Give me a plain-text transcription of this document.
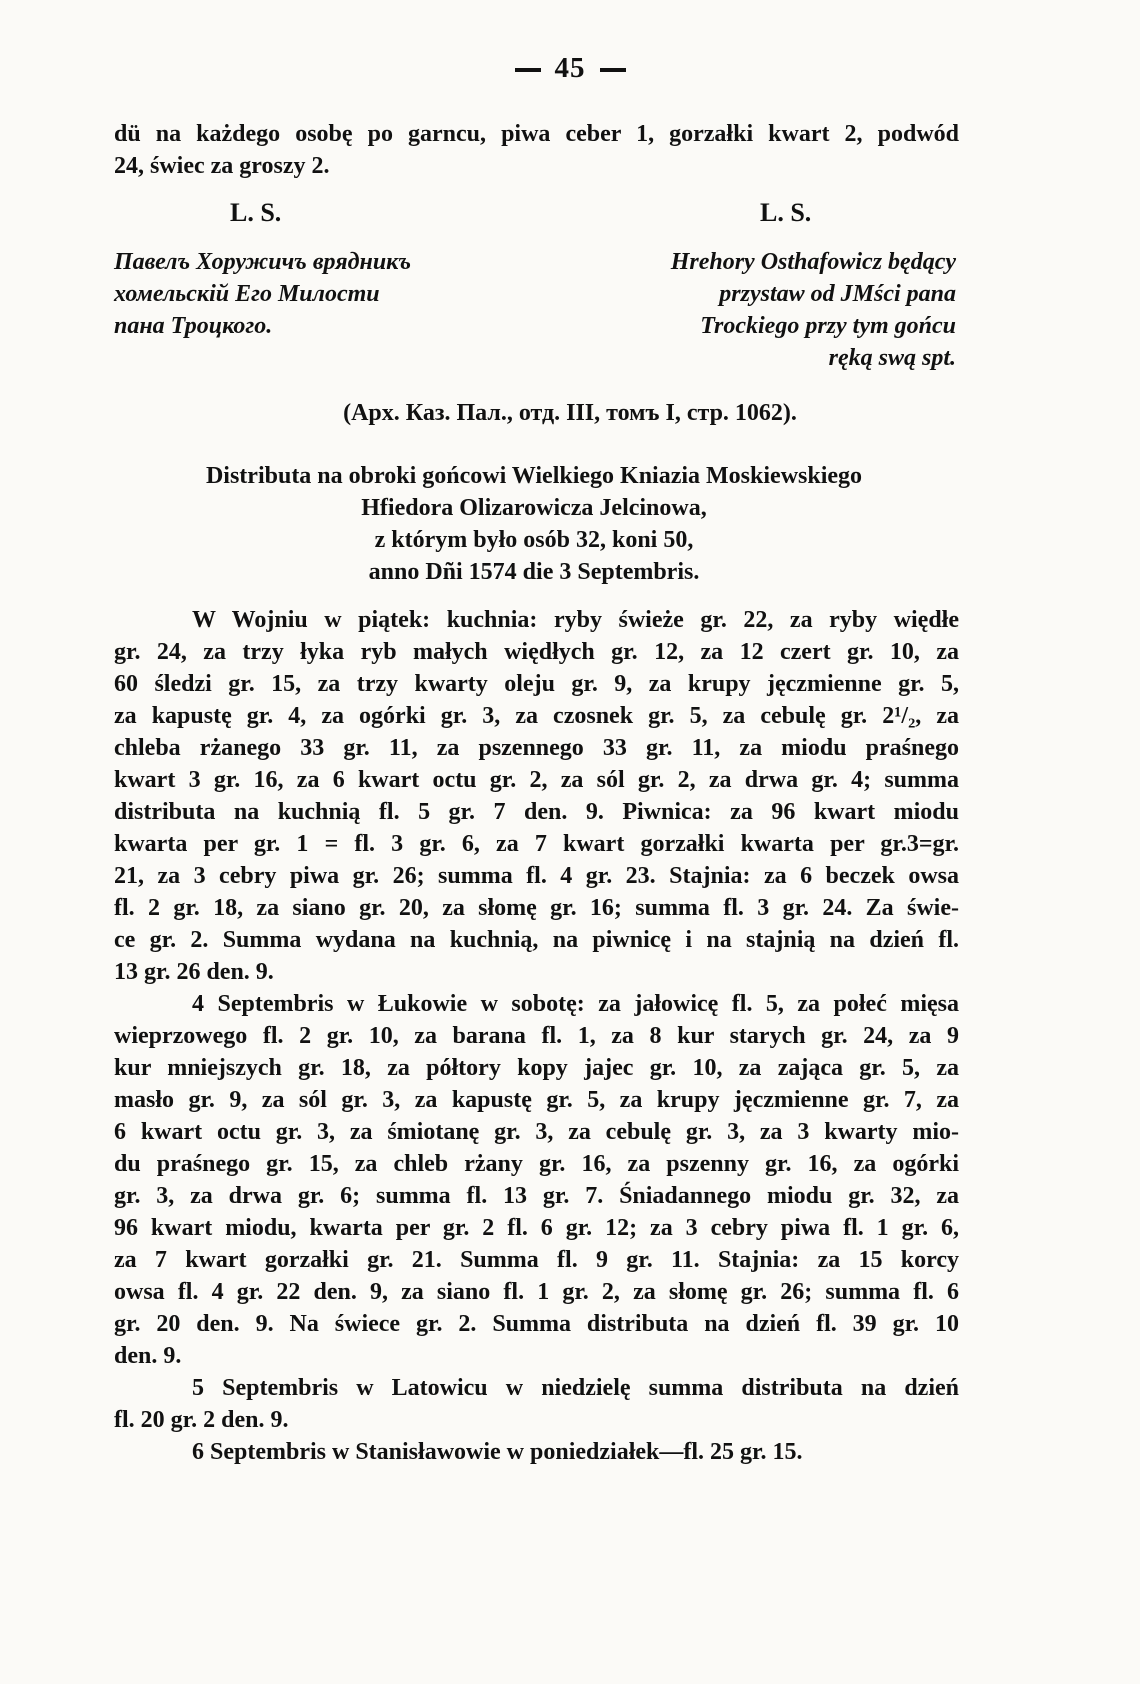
45
dü na każdego osobę po garncu, piwa ceber 1, gorzałki kwart 2, podwód
24, świec za groszy 2.
L. S.	L. S.
Павелъ Хоружичъ врядникъ
хомельскій Его Милости
пана Троцкого.
Hrehory Osthafowicz będący
przystaw od JMści pana
Trockiego przy tym gońcu
ręką swą spt.
(Арх. Каз. Пал., отд. III, томъ I, стр. 1062).
Distributa na obroki gońcowi Wielkiego Kniazia Moskiewskiego
Hfiedora Olizarowicza Jelcinowa,
z którym było osób 32, koni 50,
anno Dñi 1574 die 3 Septembris.
W Wojniu w piątek: kuchnia: ryby świeże gr. 22, za ryby więdłe
gr. 24, za trzy łyka ryb małych więdłych gr. 12, za 12 czert gr. 10, za
60 śledzi gr. 15, za trzy kwarty oleju gr. 9, za krupy jęczmienne gr. 5,
za kapustę gr. 4, za ogórki gr. 3, za czosnek gr. 5, za cebulę gr. 2¹/₂, za
chleba rżanego 33 gr. 11, za pszennego 33 gr. 11, za miodu praśnego
kwart 3 gr. 16, za 6 kwart octu gr. 2, za sól gr. 2, za drwa gr. 4; summa
distributa na kuchnią fl. 5 gr. 7 den. 9. Piwnica: za 96 kwart miodu
kwarta per gr. 1 = fl. 3 gr. 6, za 7 kwart gorzałki kwarta per gr.3=gr.
21, za 3 cebry piwa gr. 26; summa fl. 4 gr. 23. Stajnia: za 6 beczek owsa
fl. 2 gr. 18, za siano gr. 20, za słomę gr. 16; summa fl. 3 gr. 24. Za świe-
ce gr. 2. Summa wydana na kuchnią, na piwnicę i na stajnią na dzień fl.
13 gr. 26 den. 9.
4 Septembris w Łukowie w sobotę: za jałowicę fl. 5, za połeć mięsa
wieprzowego fl. 2 gr. 10, za barana fl. 1, za 8 kur starych gr. 24, za 9
kur mniejszych gr. 18, za półtory kopy jajec gr. 10, za zająca gr. 5, za
masło gr. 9, za sól gr. 3, za kapustę gr. 5, za krupy jęczmienne gr. 7, za
6 kwart octu gr. 3, za śmiotanę gr. 3, za cebulę gr. 3, za 3 kwarty mio-
du praśnego gr. 15, za chleb rżany gr. 16, za pszenny gr. 16, za ogórki
gr. 3, za drwa gr. 6; summa fl. 13 gr. 7. Śniadannego miodu gr. 32, za
96 kwart miodu, kwarta per gr. 2 fl. 6 gr. 12; za 3 cebry piwa fl. 1 gr. 6,
za 7 kwart gorzałki gr. 21. Summa fl. 9 gr. 11. Stajnia: za 15 korcy
owsa fl. 4 gr. 22 den. 9, za siano fl. 1 gr. 2, za słomę gr. 26; summa fl. 6
gr. 20 den. 9. Na świece gr. 2. Summa distributa na dzień fl. 39 gr. 10
den. 9.
5 Septembris w Latowicu w niedzielę summa distributa na dzień
fl. 20 gr. 2 den. 9.
6 Septembris w Stanisławowie w poniedziałek—fl. 25 gr. 15.
